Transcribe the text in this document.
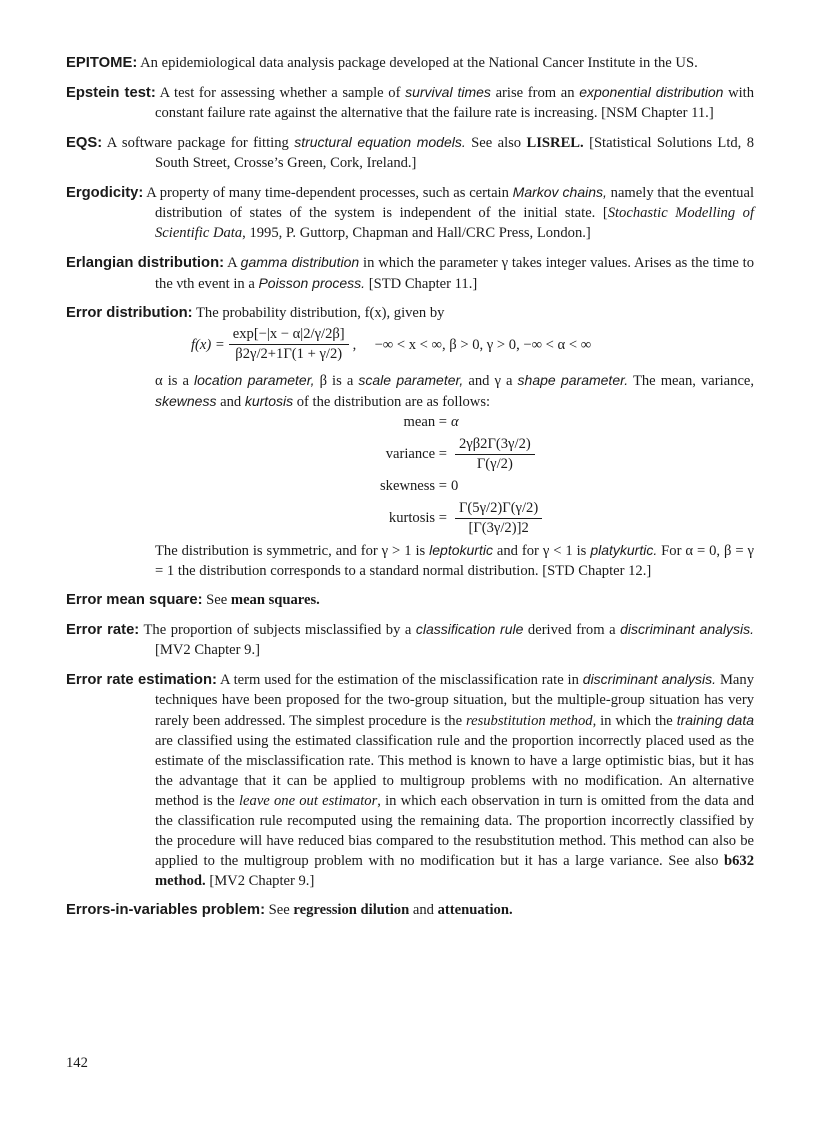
EPITOME: An epidemiological data analysis package developed at the National Cancer Institute in the US.

Epstein test: A test for assessing whether a sample of survival times arise from an exponential distribution with constant failure rate against the alternative that the failure rate is increasing. [NSM Chapter 11.]

EQS: A software package for fitting structural equation models. See also LISREL. [Statistical Solutions Ltd, 8 South Street, Crosse’s Green, Cork, Ireland.]

Ergodicity: A property of many time-dependent processes, such as certain Markov chains, namely that the eventual distribution of states of the system is independent of the initial state. [Stochastic Modelling of Scientific Data, 1995, P. Guttorp, Chapman and Hall/CRC Press, London.]

Erlangian distribution: A gamma distribution in which the parameter γ takes integer values. Arises as the time to the νth event in a Poisson process. [STD Chapter 11.]

Error distribution: The probability distribution, f(x), given by
$f(x) = \frac{\exp[-|x - \alpha|2/\gamma/2\beta]}{\beta 2\gamma/2+1\Gamma(1 + \gamma/2)}$ ,     −∞ < x < ∞, β > 0, γ > 0, −∞ < α < ∞

α is a location parameter, β is a scale parameter, and γ a shape parameter. The mean, variance, skewness and kurtosis of the distribution are as follows:

mean = α
variance = $\frac{2\gamma\beta 2\Gamma(3\gamma/2)}{\Gamma(\gamma/2)}$
skewness = 0
kurtosis = $\frac{\Gamma(5\gamma/2)\Gamma(\gamma/2)}{[\Gamma(3\gamma/2)]2}$

The distribution is symmetric, and for γ > 1 is leptokurtic and for γ < 1 is platykurtic. For α = 0, β = γ = 1 the distribution corresponds to a standard normal distribution. [STD Chapter 12.]

Error mean square: See mean squares.

Error rate: The proportion of subjects misclassified by a classification rule derived from a discriminant analysis. [MV2 Chapter 9.]

Error rate estimation: A term used for the estimation of the misclassification rate in discriminant analysis. Many techniques have been proposed for the two-group situation, but the multiple-group situation has very rarely been addressed. The simplest procedure is the resubstitution method, in which the training data are classified using the estimated classification rule and the proportion incorrectly placed used as the estimate of the misclassification rate. This method is known to have a large optimistic bias, but it has the advantage that it can be applied to multigroup problems with no modification. An alternative method is the leave one out estimator, in which each observation in turn is omitted from the data and the classification rule recomputed using the remaining data. The proportion incorrectly classified by the procedure will have reduced bias compared to the resubstitution method. This method can also be applied to the multigroup problem with no modification but it has a large variance. See also b632 method. [MV2 Chapter 9.]

Errors-in-variables problem: See regression dilution and attenuation.

142
